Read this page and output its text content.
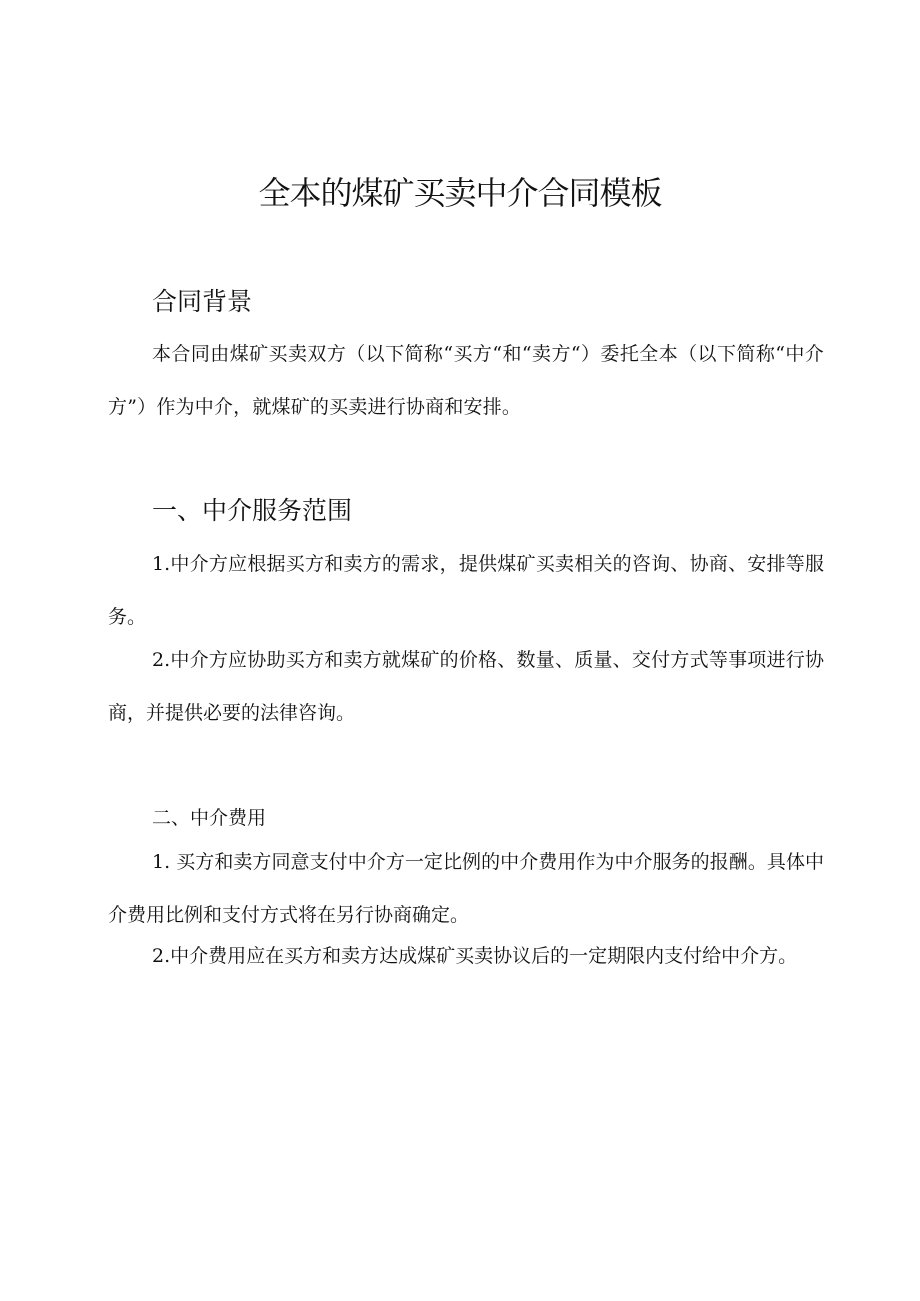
全本的煤矿买卖中介合同模板
合同背景

本合同由煤矿买卖双方（以下简称“买方“和“卖方“）委托全本（以下简称“中介方”）作为中介，就煤矿的买卖进行协商和安排。

一、中介服务范围

1.中介方应根据买方和卖方的需求，提供煤矿买卖相关的咨询、协商、安排等服务。

2.中介方应协助买方和卖方就煤矿的价格、数量、质量、交付方式等事项进行协商，并提供必要的法律咨询。

二、中介费用

1. 买方和卖方同意支付中介方一定比例的中介费用作为中介服务的报酬。具体中介费用比例和支付方式将在另行协商确定。

2.中介费用应在买方和卖方达成煤矿买卖协议后的一定期限内支付给中介方。
